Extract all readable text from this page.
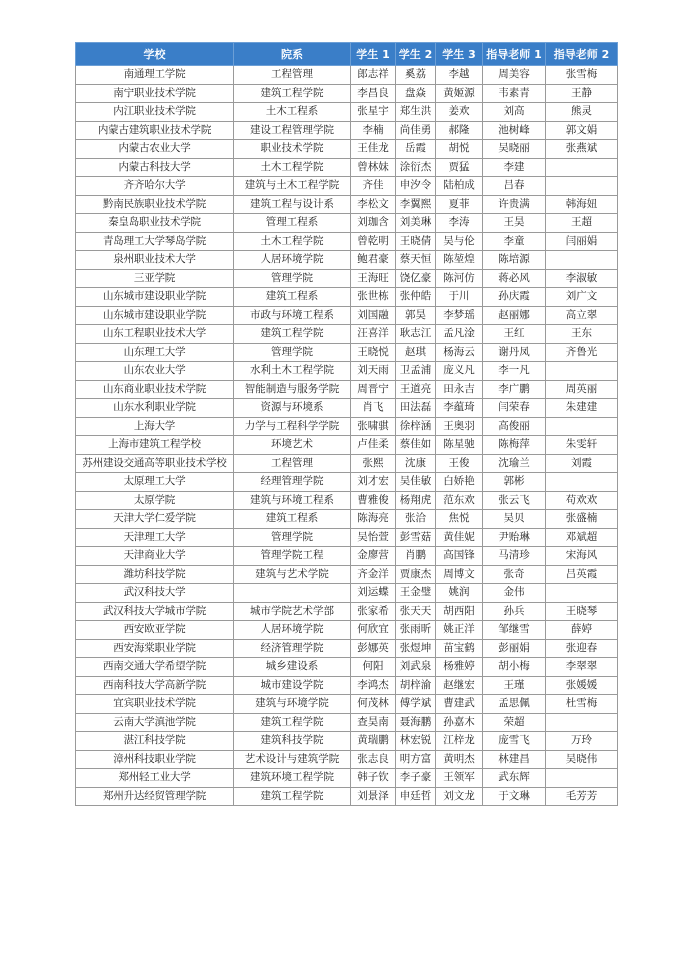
学校	院系	学生 1	学生 2	学生 3	指导老师 1	指导老师 2
南通理工学院	工程管理	郎志祥	奚荔	李越	周美容	张雪梅
南宁职业技术学院	建筑工程学院	李昌良	盘焱	黄姬源	韦素青	王静
内江职业技术学院	土木工程系	张星宇	郑生洪	姜欢	刘高	熊灵
内蒙古建筑职业技术学院	建设工程管理学院	李楠	尚佳勇	郝隆	池树峰	郭文娟
内蒙古农业大学	职业技术学院	王佳龙	岳霞	胡悦	吴晓丽	张燕斌
内蒙古科技大学	土木工程学院	曾林妹	涂衍杰	贾猛	李建	
齐齐哈尔大学	建筑与土木工程学院	齐佳	申汐令	陆柏成	吕春	
黔南民族职业技术学院	建筑工程与设计系	李松文	李翼熙	夏菲	许贵满	韩海妞
秦皇岛职业技术学院	管理工程系	刘珈含	刘美琳	李涛	王昊	王超
青岛理工大学琴岛学院	土木工程学院	曾乾明	王晓倩	吴与伦	李童	闫丽娟
泉州职业技术大学	人居环境学院	鲍君豪	蔡天恒	陈堃煌	陈培源	
三亚学院	管理学院	王海旺	饶亿豪	陈河仿	蒋必风	李淑敏
山东城市建设职业学院	建筑工程系	张世栋	张仲皓	于川	孙庆霞	刘广文
山东城市建设职业学院	市政与环境工程系	刘国融	郭昊	李梦瑶	赵丽娜	高立翠
山东工程职业技术大学	建筑工程学院	汪喜洋	耿志江	孟凡淦	王红	王东
山东理工大学	管理学院	王晓悦	赵琪	杨海云	谢丹凤	齐鲁光
山东农业大学	水利土木工程学院	刘天雨	卫孟浦	庞义凡	李一凡	
山东商业职业技术学院	智能制造与服务学院	周晋宁	王道亮	田永吉	李广鹏	周英丽
山东水利职业学院	资源与环境系	肖飞	田法磊	李蕴琦	闫荣春	朱建建
上海大学	力学与工程科学学院	张啸骐	徐梓涵	王奥羽	高俊丽	
上海市建筑工程学校	环境艺术	卢佳柔	蔡佳如	陈星驰	陈梅萍	朱雯轩
苏州建设交通高等职业技术学校	工程管理	张熙	沈康	王俊	沈瑜兰	刘霞
太原理工大学	经理管理学院	刘才宏	吴佳敏	白娇艳	郭彬	
太原学院	建筑与环境工程系	曹雅俊	杨翔虎	范东欢	张云飞	苟欢欢
天津大学仁爱学院	建筑工程系	陈海亮	张洽	焦悦	吴贝	张盛楠
天津理工大学	管理学院	吴怡萱	彭雪菇	黄佳妮	尹贻琳	邓斌超
天津商业大学	管理学院工程	金廖营	肖鹏	高国锋	马清珍	宋海风
潍坊科技学院	建筑与艺术学院	齐金洋	贾康杰	周博文	张奇	吕英霞
武汉科技大学		刘运蝶	王金璧	姚润	金伟	
武汉科技大学城市学院	城市学院艺术学部	张家希	张天天	胡西阳	孙兵	王晓琴
西安欧亚学院	人居环境学院	何欣宜	张雨昕	姚正洋	邹继雪	薛婷
西安海棠职业学院	经济管理学院	彭娜英	张煜坤	苗宝鹤	彭丽娟	张迎春
西南交通大学希望学院	城乡建设系	何阳	刘武泉	杨雅婷	胡小梅	李翠翠
西南科技大学高新学院	城市建设学院	李鸿杰	胡梓渝	赵继宏	王瑾	张媛媛
宜宾职业技术学院	建筑与环境学院	何茂林	傅学斌	曹建武	孟思佩	杜雪梅
云南大学滇池学院	建筑工程学院	查昊南	聂海鹏	孙嘉木	荣超	
湛江科技学院	建筑科技学院	黄瑞鹏	林宏锐	江梓龙	庞雪飞	万玲
漳州科技职业学院	艺术设计与建筑学院	张志良	明方富	黄明杰	林建昌	吴晓伟
郑州轻工业大学	建筑环境工程学院	韩子钦	李子豪	王领军	武东辉	
郑州升达经贸管理学院	建筑工程学院	刘景泽	申廷哲	刘文龙	于文琳	毛芳芳
